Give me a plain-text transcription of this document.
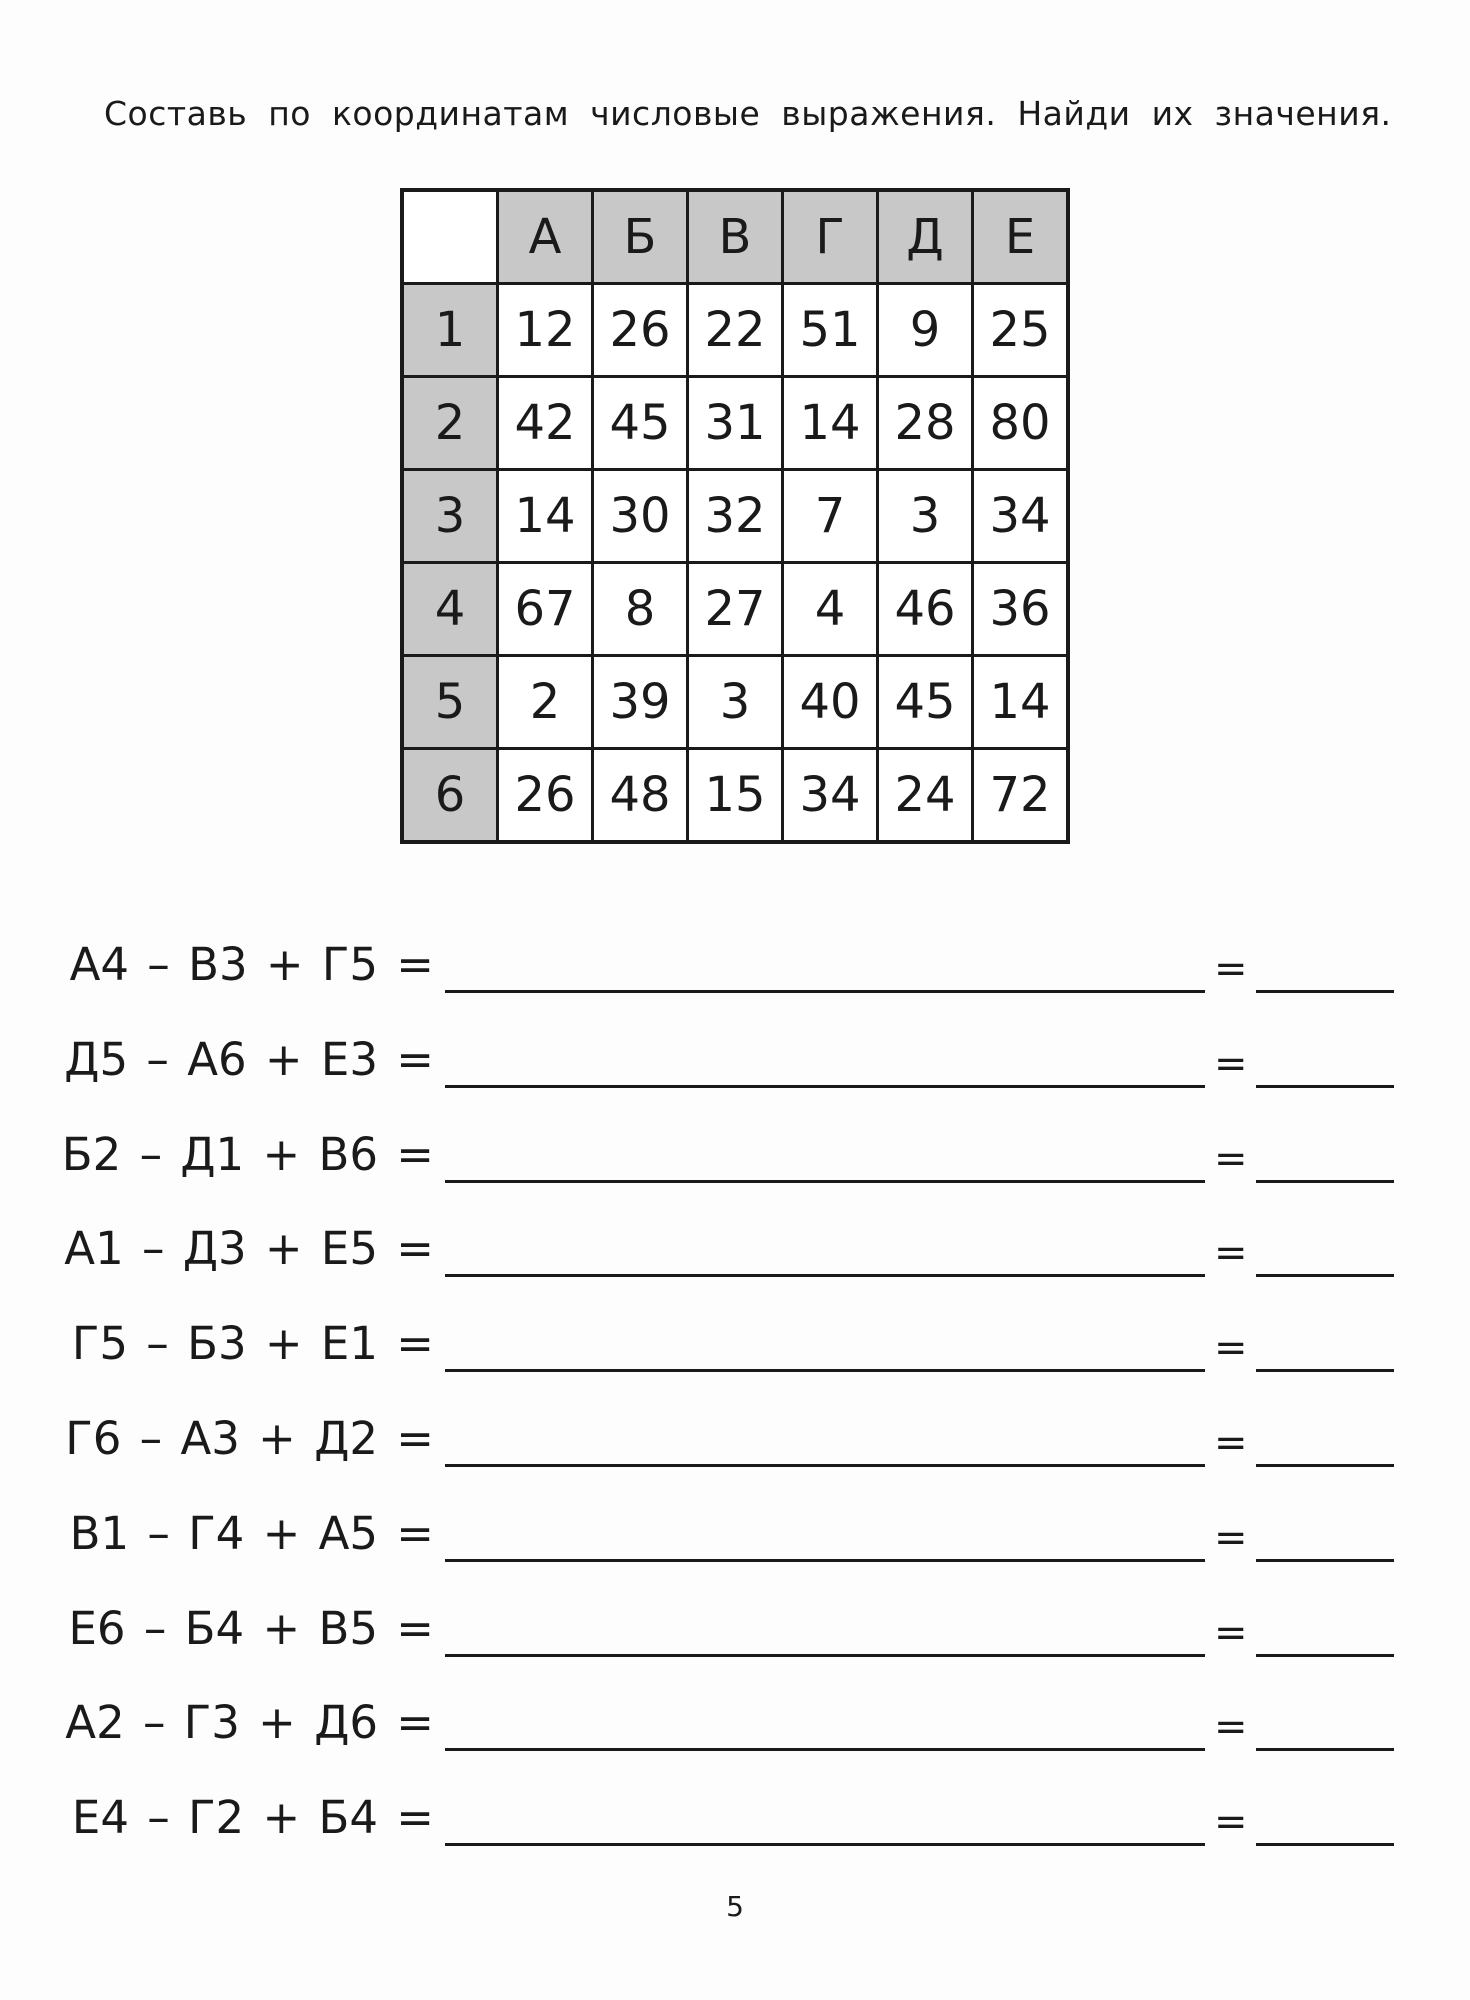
Составь по координатам числовые выражения. Найди их значения.
	А	Б	В	Г	Д	Е
1	12	26	22	51	9	25
2	42	45	31	14	28	80
3	14	30	32	7	3	34
4	67	8	27	4	46	36
5	2	39	3	40	45	14
6	26	48	15	34	24	72
А4 – В3 + Г5 =	=
Д5 – А6 + Е3 =	=
Б2 – Д1 + В6 =	=
А1 – Д3 + Е5 =	=
Г5 – Б3 + Е1 =	=
Г6 – А3 + Д2 =	=
В1 – Г4 + А5 =	=
Е6 – Б4 + В5 =	=
А2 – Г3 + Д6 =	=
Е4 – Г2 + Б4 =	=
5
